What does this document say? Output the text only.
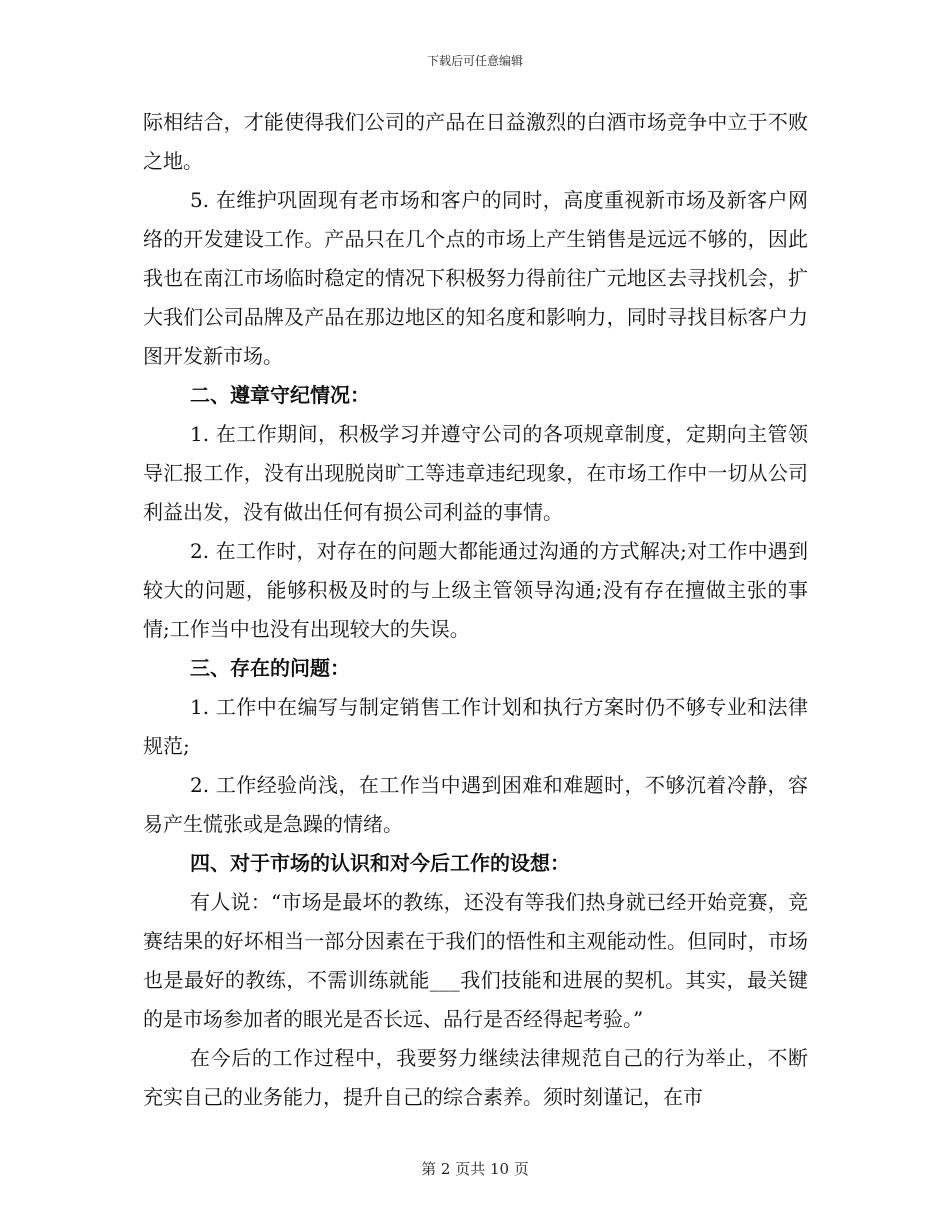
下载后可任意编辑

际相结合，才能使得我们公司的产品在日益激烈的白酒市场竞争中立于不败之地。

5. 在维护巩固现有老市场和客户的同时，高度重视新市场及新客户网络的开发建设工作。产品只在几个点的市场上产生销售是远远不够的，因此我也在南江市场临时稳定的情况下积极努力得前往广元地区去寻找机会，扩大我们公司品牌及产品在那边地区的知名度和影响力，同时寻找目标客户力图开发新市场。

二、遵章守纪情况：

1. 在工作期间，积极学习并遵守公司的各项规章制度，定期向主管领导汇报工作，没有出现脱岗旷工等违章违纪现象，在市场工作中一切从公司利益出发，没有做出任何有损公司利益的事情。

2. 在工作时，对存在的问题大都能通过沟通的方式解决;对工作中遇到较大的问题，能够积极及时的与上级主管领导沟通;没有存在擅做主张的事情;工作当中也没有出现较大的失误。

三、存在的问题：

1. 工作中在编写与制定销售工作计划和执行方案时仍不够专业和法律规范;

2. 工作经验尚浅，在工作当中遇到困难和难题时，不够沉着冷静，容易产生慌张或是急躁的情绪。

四、对于市场的认识和对今后工作的设想：

有人说：“市场是最坏的教练，还没有等我们热身就已经开始竞赛，竞赛结果的好坏相当一部分因素在于我们的悟性和主观能动性。但同时，市场也是最好的教练，不需训练就能___我们技能和进展的契机。其实，最关键的是市场参加者的眼光是否长远、品行是否经得起考验。”

在今后的工作过程中，我要努力继续法律规范自己的行为举止，不断充实自己的业务能力，提升自己的综合素养。须时刻谨记，在市

第 2 页共 10 页
